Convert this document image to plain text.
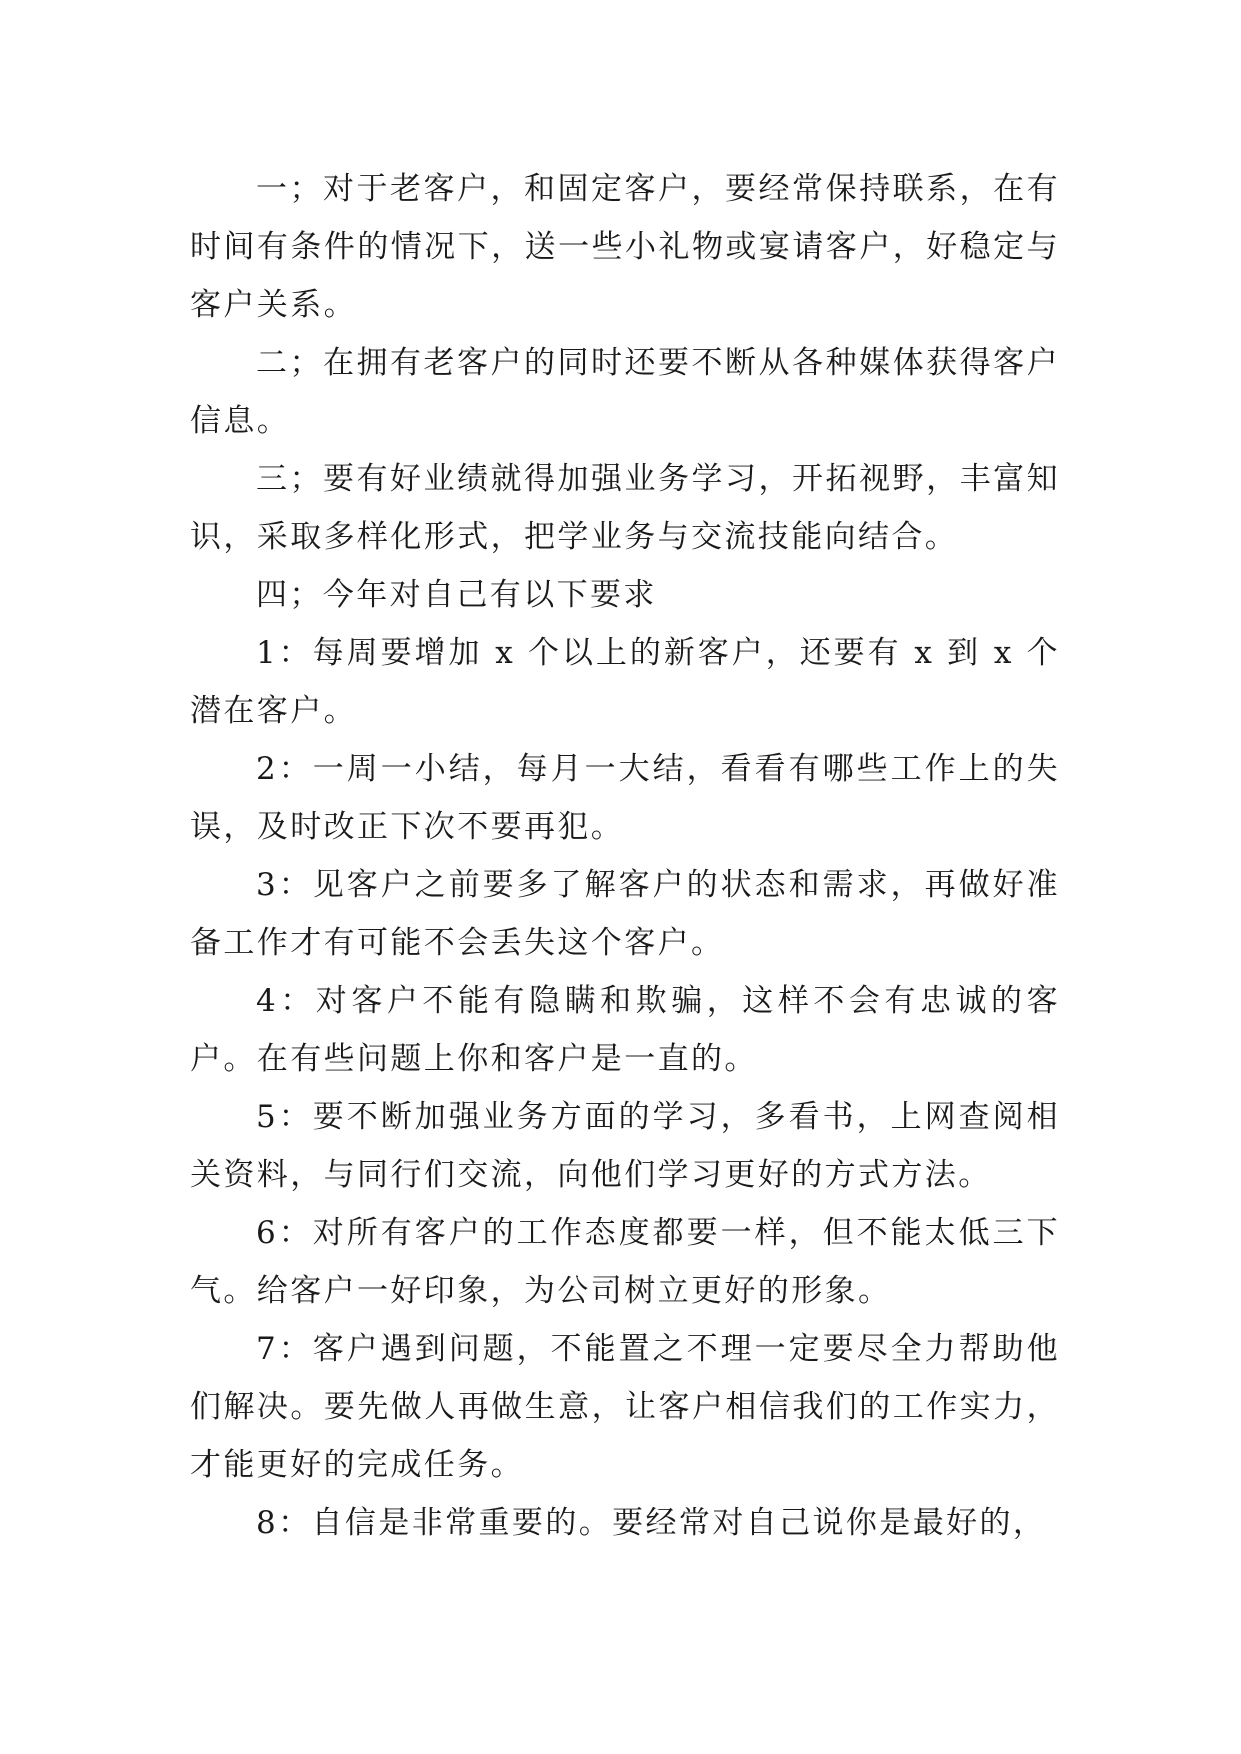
一；对于老客户，和固定客户，要经常保持联系，在有时间有条件的情况下，送一些小礼物或宴请客户，好稳定与客户关系。

二；在拥有老客户的同时还要不断从各种媒体获得客户信息。

三；要有好业绩就得加强业务学习，开拓视野，丰富知识，采取多样化形式，把学业务与交流技能向结合。

四；今年对自己有以下要求

1：每周要增加 x 个以上的新客户，还要有 x 到 x 个潜在客户。

2：一周一小结，每月一大结，看看有哪些工作上的失误，及时改正下次不要再犯。

3：见客户之前要多了解客户的状态和需求，再做好准备工作才有可能不会丢失这个客户。

4：对客户不能有隐瞒和欺骗，这样不会有忠诚的客户。在有些问题上你和客户是一直的。

5：要不断加强业务方面的学习，多看书，上网查阅相关资料，与同行们交流，向他们学习更好的方式方法。

6：对所有客户的工作态度都要一样，但不能太低三下气。给客户一好印象，为公司树立更好的形象。

7：客户遇到问题，不能置之不理一定要尽全力帮助他们解决。要先做人再做生意，让客户相信我们的工作实力，才能更好的完成任务。

8：自信是非常重要的。要经常对自己说你是最好的，
